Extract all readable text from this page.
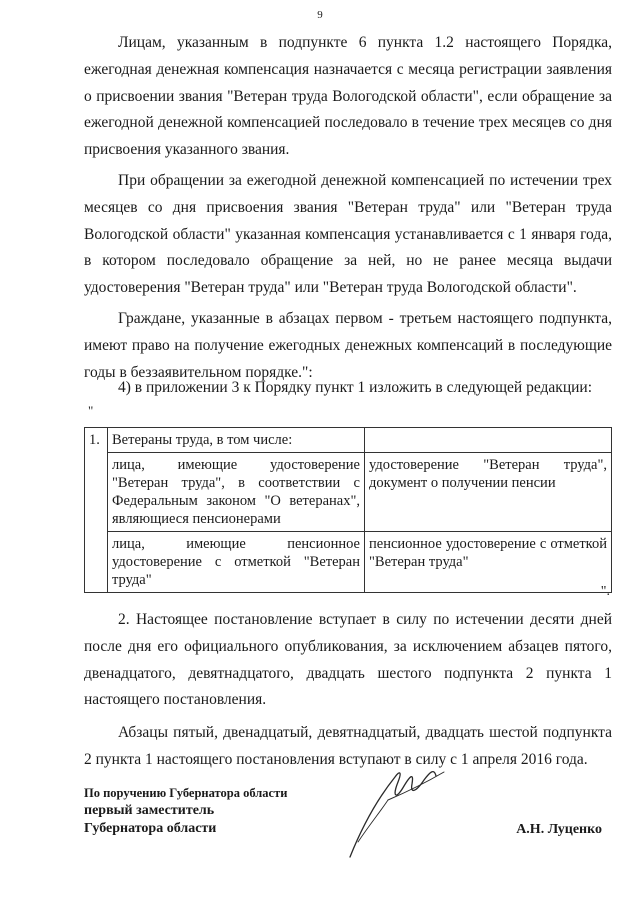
9

Лицам, указанным в подпункте 6 пункта 1.2 настоящего Порядка, ежегодная денежная компенсация назначается с месяца регистрации заявления о присвоении звания "Ветеран труда Вологодской области", если обращение за ежегодной денежной компенсацией последовало в течение трех месяцев со дня присвоения указанного звания.

При обращении за ежегодной денежной компенсацией по истечении трех месяцев со дня присвоения звания "Ветеран труда" или "Ветеран труда Вологодской области" указанная компенсация устанавливается с 1 января года, в котором последовало обращение за ней, но не ранее месяца выдачи удостоверения "Ветеран труда" или "Ветеран труда Вологодской области".

Граждане, указанные в абзацах первом - третьем настоящего подпункта, имеют право на получение ежегодных денежных компенсаций в последующие годы в беззаявительном порядке.":

4) в приложении 3 к Порядку пункт 1 изложить в следующей редакции:
"
1.	Ветераны труда, в том числе:	
	лица, имеющие удостоверение "Ветеран труда", в соответствии с Федеральным законом "О ветеранах", являющиеся пенсионерами	удостоверение "Ветеран труда", документ о получении пенсии
	лица, имеющие пенсионное удостоверение с отметкой "Ветеран труда"	пенсионное удостоверение с отметкой "Ветеран труда"
".

2. Настоящее постановление вступает в силу по истечении десяти дней после дня его официального опубликования, за исключением абзацев пятого, двенадцатого, девятнадцатого, двадцать шестого подпункта 2 пункта 1 настоящего постановления.

Абзацы пятый, двенадцатый, девятнадцатый, двадцать шестой подпункта 2 пункта 1 настоящего постановления вступают в силу с 1 апреля 2016 года.

По поручению Губернатора области
первый заместитель
Губернатора области	А.Н. Луценко
